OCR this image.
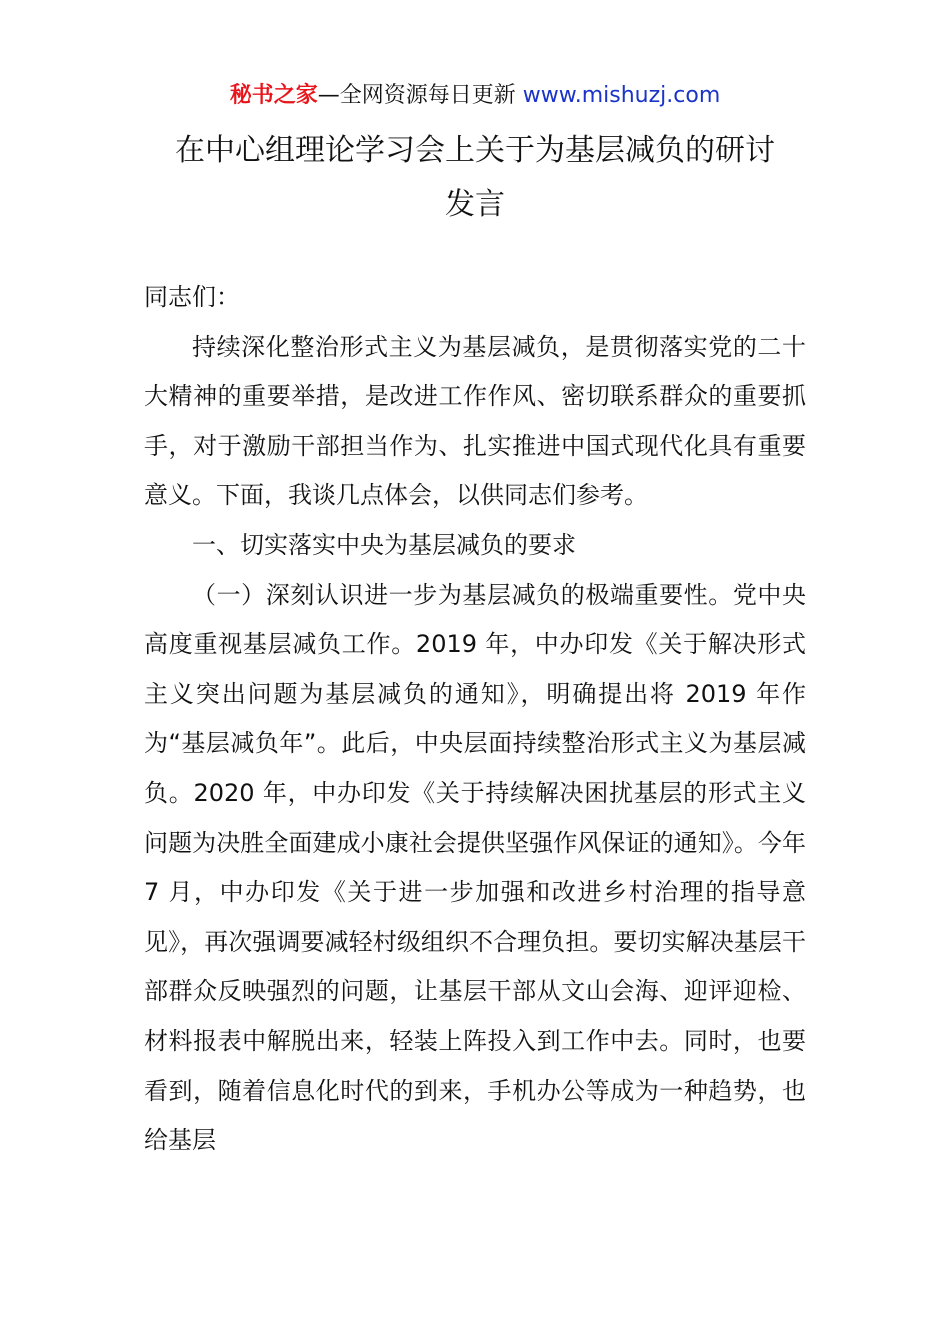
秘书之家—全网资源每日更新 www.mishuzj.com
在中心组理论学习会上关于为基层减负的研讨
发言

同志们：

持续深化整治形式主义为基层减负，是贯彻落实党的二十大精神的重要举措，是改进工作作风、密切联系群众的重要抓手，对于激励干部担当作为、扎实推进中国式现代化具有重要意义。下面，我谈几点体会，以供同志们参考。

一、切实落实中央为基层减负的要求

（一）深刻认识进一步为基层减负的极端重要性。党中央高度重视基层减负工作。2019 年，中办印发《关于解决形式主义突出问题为基层减负的通知》，明确提出将 2019 年作为“基层减负年”。此后，中央层面持续整治形式主义为基层减负。2020 年，中办印发《关于持续解决困扰基层的形式主义问题为决胜全面建成小康社会提供坚强作风保证的通知》。今年 7 月，中办印发《关于进一步加强和改进乡村治理的指导意见》，再次强调要减轻村级组织不合理负担。要切实解决基层干部群众反映强烈的问题，让基层干部从文山会海、迎评迎检、材料报表中解脱出来，轻装上阵投入到工作中去。同时，也要看到，随着信息化时代的到来，手机办公等成为一种趋势，也给基层
